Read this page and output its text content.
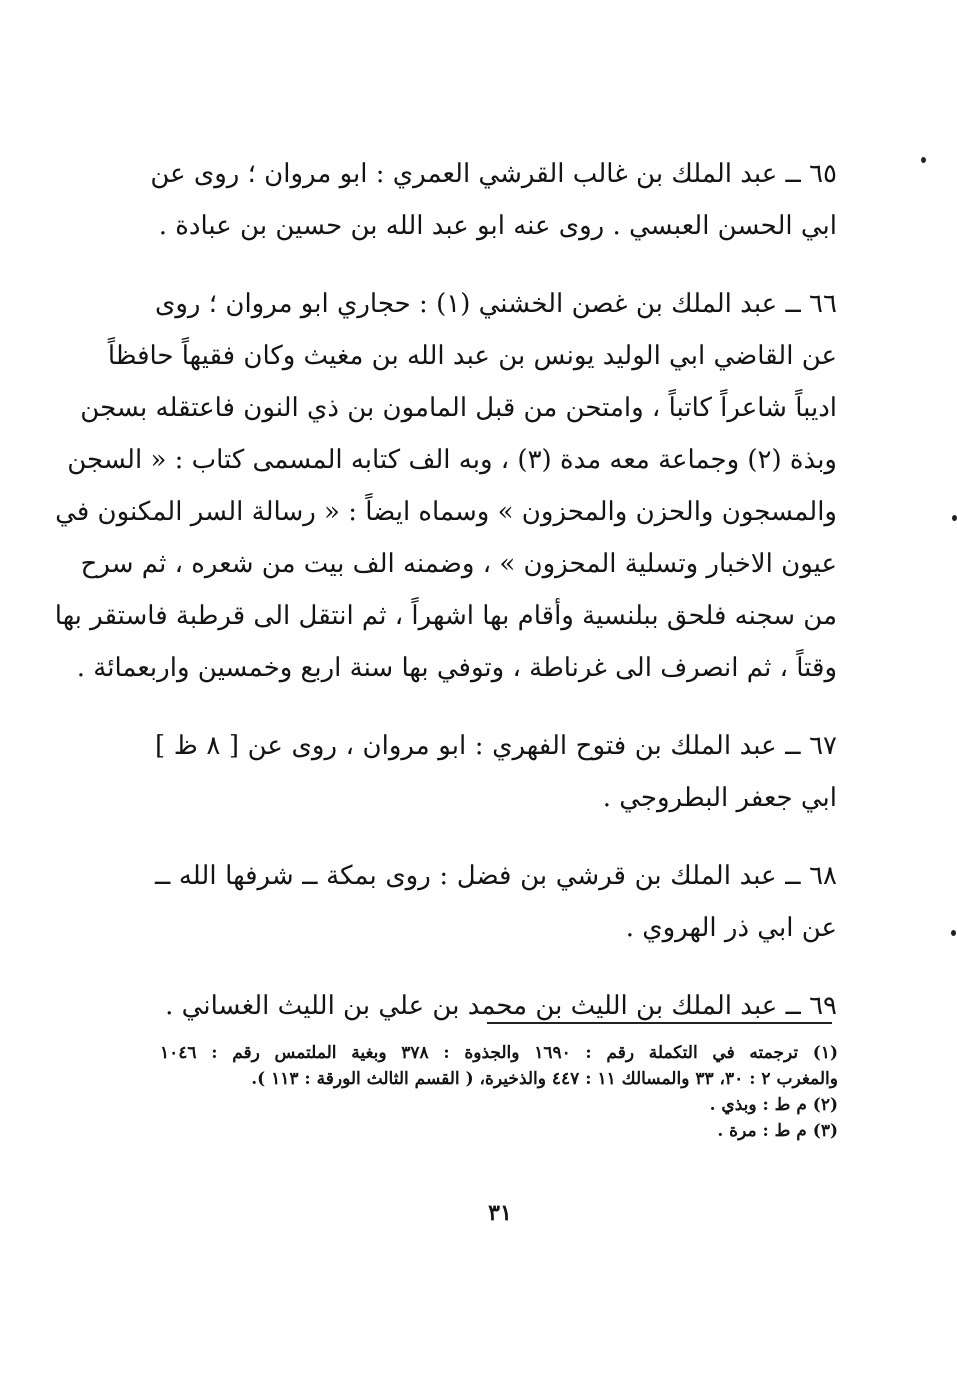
٦٥ ــ عبد الملك بن غالب القرشي العمري : ابو مروان ؛ روى عن
ابي الحسن العبسي . روى عنه ابو عبد الله بن حسين بن عبادة .
٦٦ ــ عبد الملك بن غصن الخشني (١) : حجاري ابو مروان ؛ روى
عن القاضي ابي الوليد يونس بن عبد الله بن مغيث وكان فقيهاً حافظاً
اديباً شاعراً كاتباً ، وامتحن من قبل المامون بن ذي النون فاعتقله بسجن
وبذة (٢) وجماعة معه مدة (٣) ، وبه الف كتابه المسمى كتاب : « السجن
والمسجون والحزن والمحزون » وسماه ايضاً : « رسالة السر المكنون في
عيون الاخبار وتسلية المحزون » ، وضمنه الف بيت من شعره ، ثم سرح
من سجنه فلحق ببلنسية وأقام بها اشهراً ، ثم انتقل الى قرطبة فاستقر بها
وقتاً ، ثم انصرف الى غرناطة ، وتوفي بها سنة اربع وخمسين واربعمائة .
٦٧ ــ عبد الملك بن فتوح الفهري : ابو مروان ، روى عن [ ٨ ظ ]
ابي جعفر البطروجي .
٦٨ ــ عبد الملك بن قرشي بن فضل : روى بمكة ــ شرفها الله ــ
عن ابي ذر الهروي .
٦٩ ــ عبد الملك بن الليث بن محمد بن علي بن الليث الغساني .
(١) ترجمته في التكملة رقم : ١٦٩٠ والجذوة : ٣٧٨ وبغية الملتمس رقم : ١٠٤٦
والمغرب ٢ : ٣٠، ٣٣ والمسالك ١١ : ٤٤٧ والذخيرة، ( القسم الثالث الورقة : ١١٣ ).
(٢) م ط : وبذي .
(٣) م ط : مرة .
٣١
